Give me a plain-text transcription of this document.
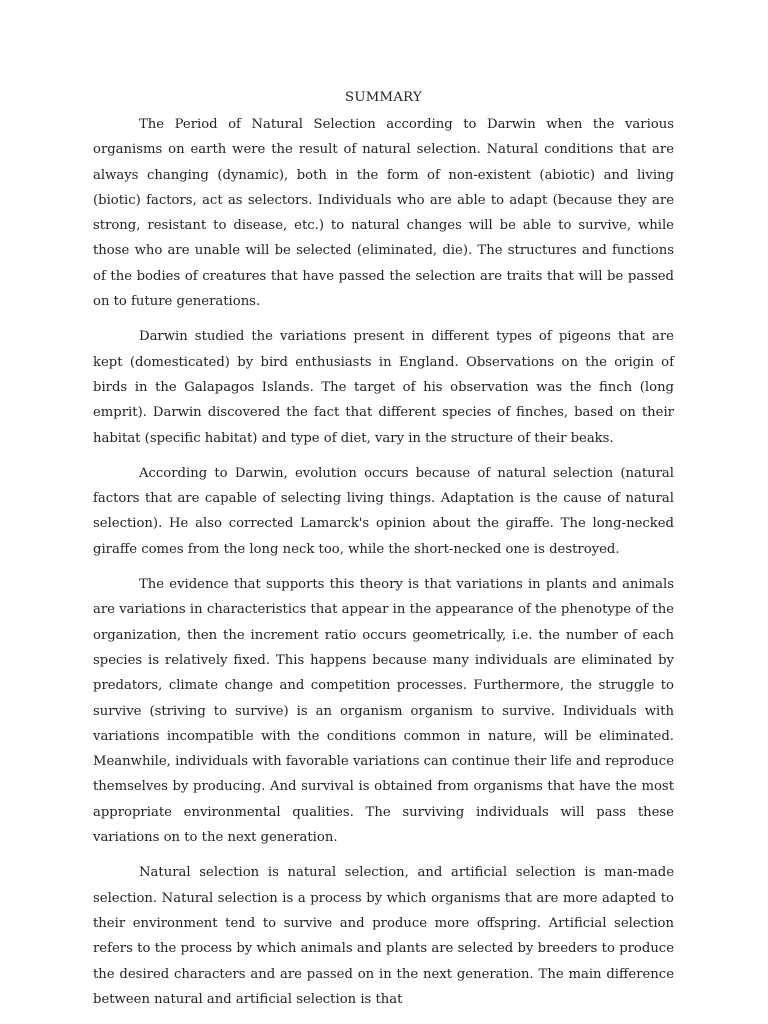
SUMMARY

The Period of Natural Selection according to Darwin when the various organisms on earth were the result of natural selection. Natural conditions that are always changing (dynamic), both in the form of non-existent (abiotic) and living (biotic) factors, act as selectors. Individuals who are able to adapt (because they are strong, resistant to disease, etc.) to natural changes will be able to survive, while those who are unable will be selected (eliminated, die). The structures and functions of the bodies of creatures that have passed the selection are traits that will be passed on to future generations.

Darwin studied the variations present in different types of pigeons that are kept (domesticated) by bird enthusiasts in England. Observations on the origin of birds in the Galapagos Islands. The target of his observation was the finch (long emprit). Darwin discovered the fact that different species of finches, based on their habitat (specific habitat) and type of diet, vary in the structure of their beaks.

According to Darwin, evolution occurs because of natural selection (natural factors that are capable of selecting living things. Adaptation is the cause of natural selection). He also corrected Lamarck's opinion about the giraffe. The long-necked giraffe comes from the long neck too, while the short-necked one is destroyed.

The evidence that supports this theory is that variations in plants and animals are variations in characteristics that appear in the appearance of the phenotype of the organization, then the increment ratio occurs geometrically, i.e. the number of each species is relatively fixed. This happens because many individuals are eliminated by predators, climate change and competition processes. Furthermore, the struggle to survive (striving to survive) is an organism organism to survive. Individuals with variations incompatible with the conditions common in nature, will be eliminated. Meanwhile, individuals with favorable variations can continue their life and reproduce themselves by producing. And survival is obtained from organisms that have the most appropriate environmental qualities. The surviving individuals will pass these variations on to the next generation.

Natural selection is natural selection, and artificial selection is man-made selection. Natural selection is a process by which organisms that are more adapted to their environment tend to survive and produce more offspring. Artificial selection refers to the process by which animals and plants are selected by breeders to produce the desired characters and are passed on in the next generation. The main difference between natural and artificial selection is that
